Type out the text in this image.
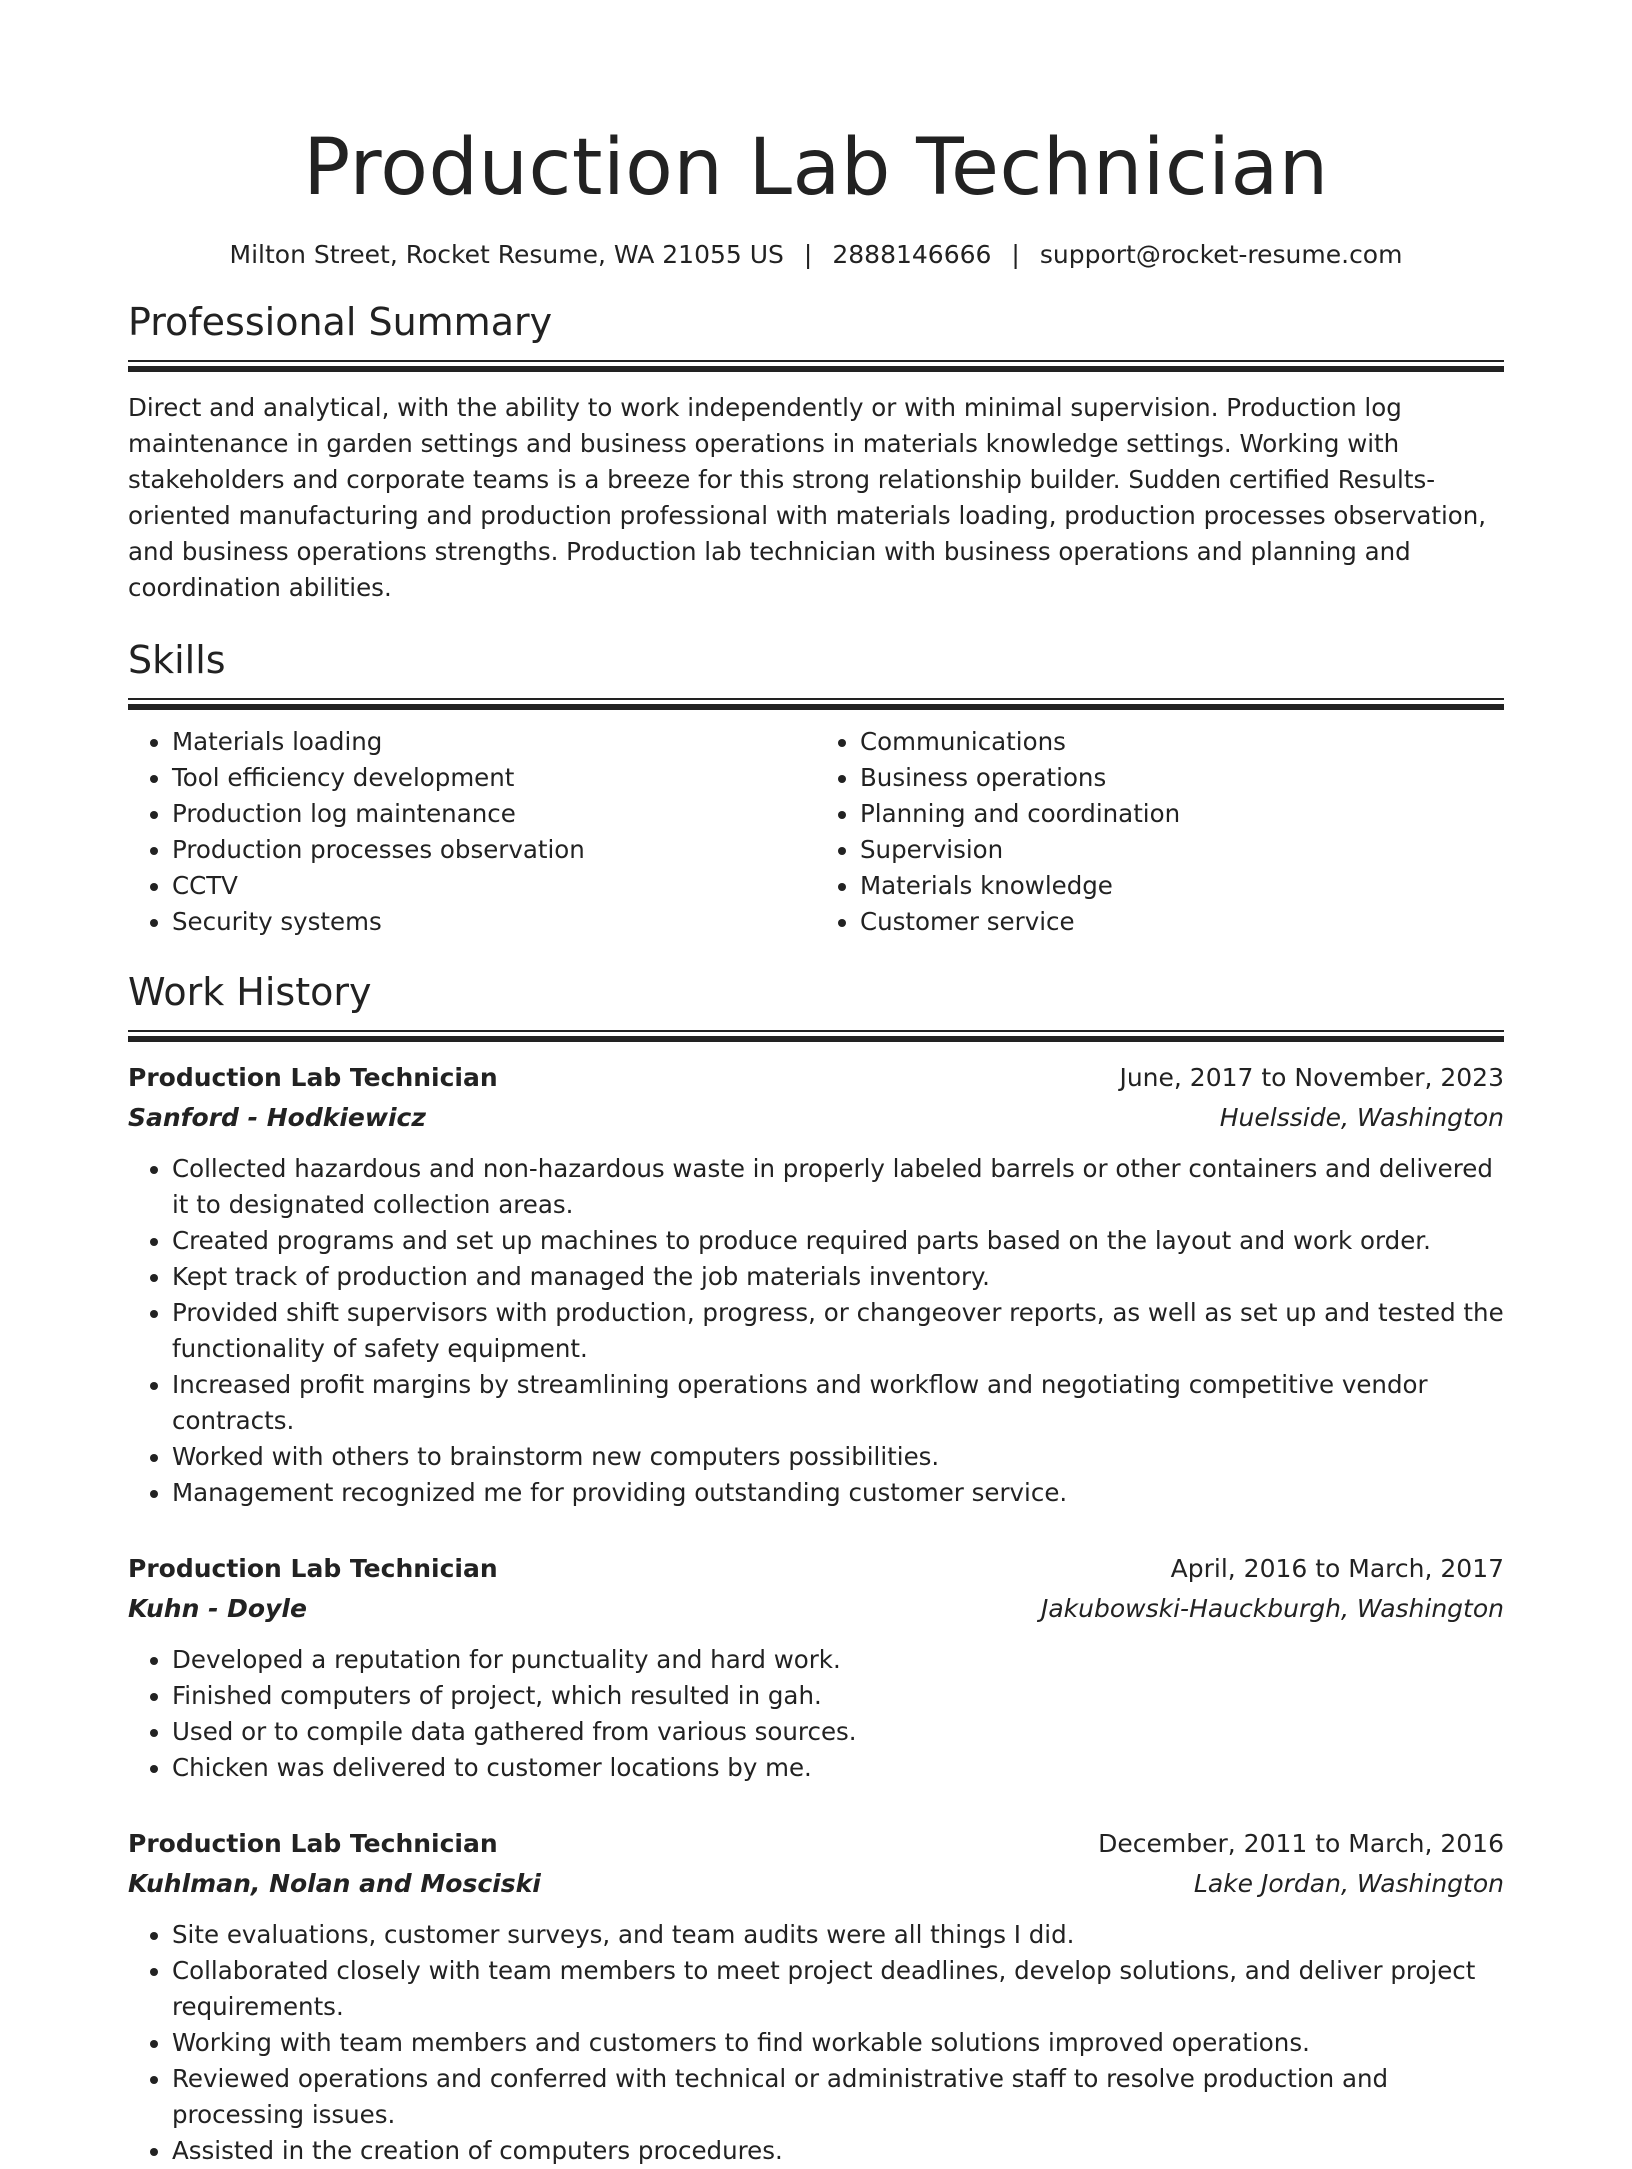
Production Lab Technician
Milton Street, Rocket Resume, WA 21055 US | 2888146666 | support@rocket-resume.com
Professional Summary

Direct and analytical, with the ability to work independently or with minimal supervision. Production log maintenance in garden settings and business operations in materials knowledge settings. Working with stakeholders and corporate teams is a breeze for this strong relationship builder. Sudden certified Results-oriented manufacturing and production professional with materials loading, production processes observation, and business operations strengths. Production lab technician with business operations and planning and coordination abilities.

Skills
• Materials loading
• Tool efficiency development
• Production log maintenance
• Production processes observation
• CCTV
• Security systems
• Communications
• Business operations
• Planning and coordination
• Supervision
• Materials knowledge
• Customer service
Work History
Production Lab Technician	June, 2017 to November, 2023
Sanford - Hodkiewicz	Huelsside, Washington
• Collected hazardous and non-hazardous waste in properly labeled barrels or other containers and delivered it to designated collection areas.
• Created programs and set up machines to produce required parts based on the layout and work order.
• Kept track of production and managed the job materials inventory.
• Provided shift supervisors with production, progress, or changeover reports, as well as set up and tested the functionality of safety equipment.
• Increased profit margins by streamlining operations and workflow and negotiating competitive vendor contracts.
• Worked with others to brainstorm new computers possibilities.
• Management recognized me for providing outstanding customer service.
Production Lab Technician	April, 2016 to March, 2017
Kuhn - Doyle	Jakubowski-Hauckburgh, Washington
• Developed a reputation for punctuality and hard work.
• Finished computers of project, which resulted in gah.
• Used or to compile data gathered from various sources.
• Chicken was delivered to customer locations by me.
Production Lab Technician	December, 2011 to March, 2016
Kuhlman, Nolan and Mosciski	Lake Jordan, Washington
• Site evaluations, customer surveys, and team audits were all things I did.
• Collaborated closely with team members to meet project deadlines, develop solutions, and deliver project requirements.
• Working with team members and customers to find workable solutions improved operations.
• Reviewed operations and conferred with technical or administrative staff to resolve production and processing issues.
• Assisted in the creation of computers procedures.
